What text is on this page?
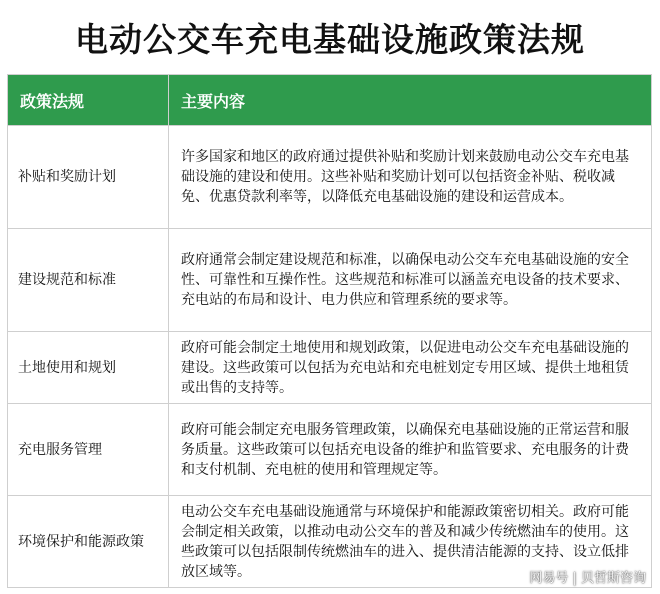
电动公交车充电基础设施政策法规
政策法规	主要内容
补贴和奖励计划	许多国家和地区的政府通过提供补贴和奖励计划来鼓励电动公交车充电基础设施的建设和使用。这些补贴和奖励计划可以包括资金补贴、税收减免、优惠贷款利率等，以降低充电基础设施的建设和运营成本。
建设规范和标准	政府通常会制定建设规范和标准，以确保电动公交车充电基础设施的安全性、可靠性和互操作性。这些规范和标准可以涵盖充电设备的技术要求、充电站的布局和设计、电力供应和管理系统的要求等。
土地使用和规划	政府可能会制定土地使用和规划政策，以促进电动公交车充电基础设施的建设。这些政策可以包括为充电站和充电桩划定专用区域、提供土地租赁或出售的支持等。
充电服务管理	政府可能会制定充电服务管理政策，以确保充电基础设施的正常运营和服务质量。这些政策可以包括充电设备的维护和监管要求、充电服务的计费和支付机制、充电桩的使用和管理规定等。
环境保护和能源政策	电动公交车充电基础设施通常与环境保护和能源政策密切相关。政府可能会制定相关政策，以推动电动公交车的普及和减少传统燃油车的使用。这些政策可以包括限制传统燃油车的进入、提供清洁能源的支持、设立低排放区域等。	网易号 | 贝哲斯咨询
